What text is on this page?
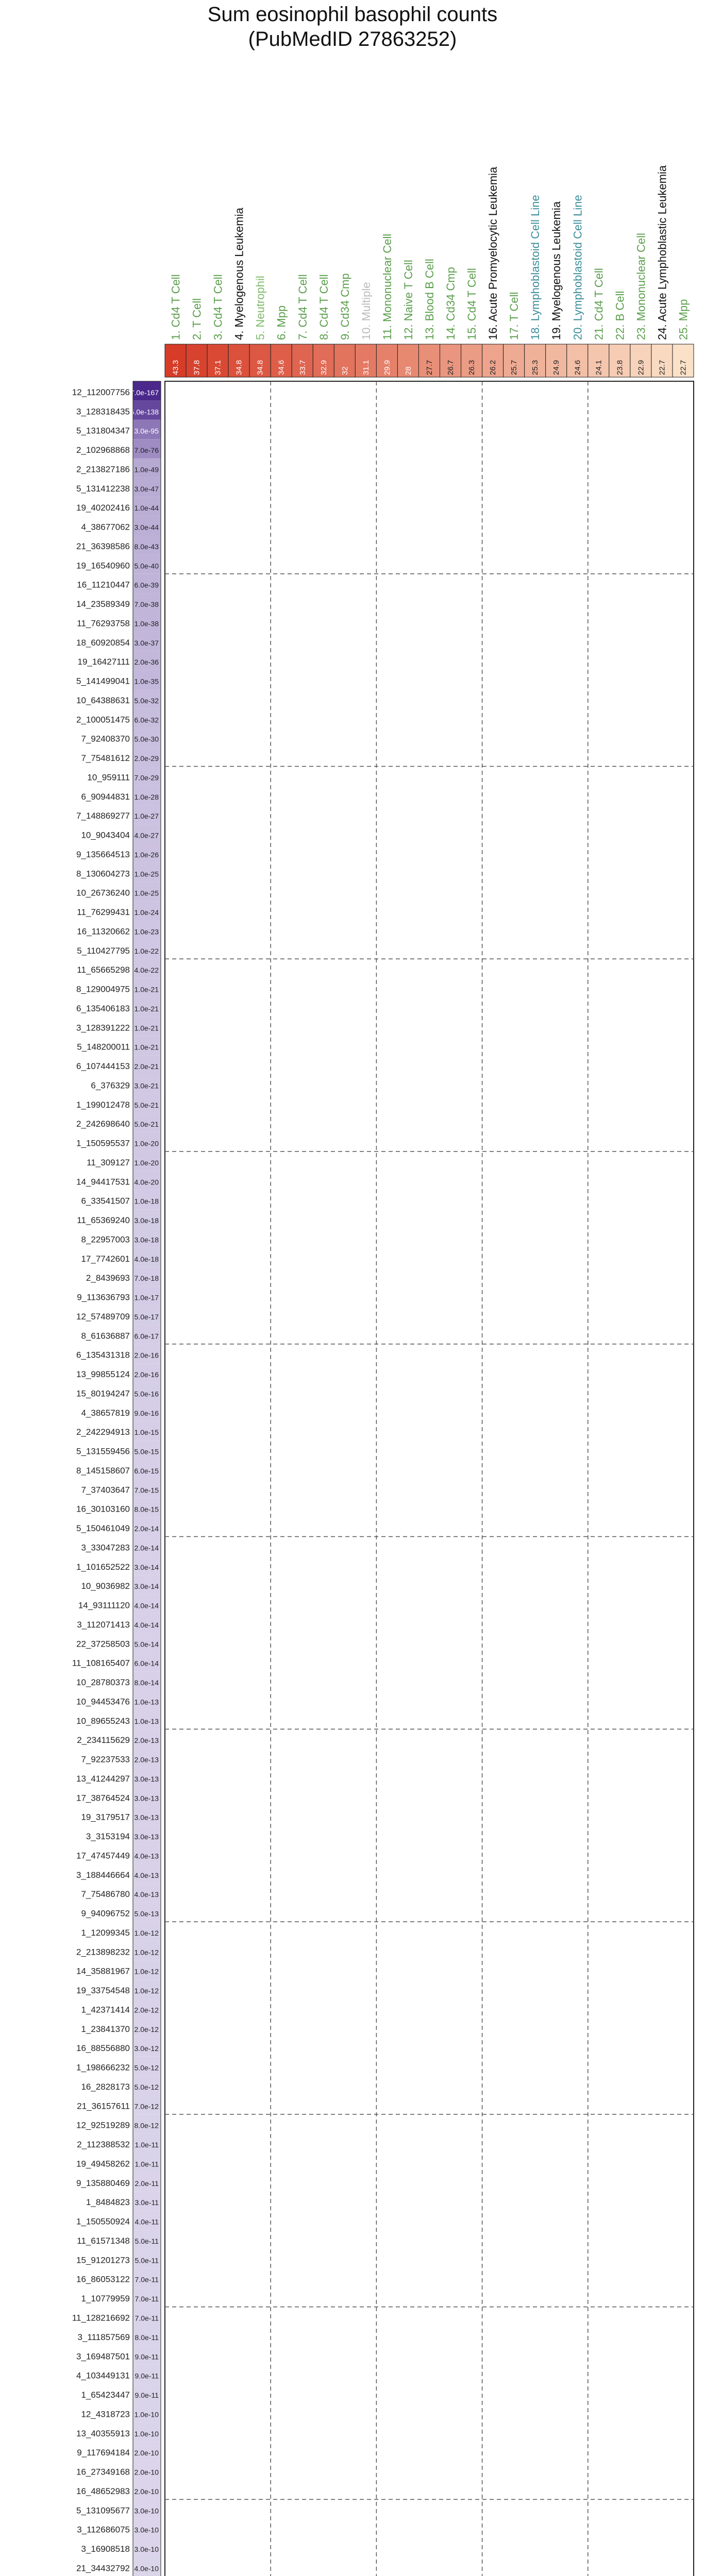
Sum eosinophil basophil counts
(PubMedID 27863252)
43.3
1. Cd4 T Cell
37.8
2. T Cell
37.1
3. Cd4 T Cell
34.8
4. Myelogenous Leukemia
34.8
5. Neutrophil
34.6
6. Mpp
33.7
7. Cd4 T Cell
32.9
8. Cd4 T Cell
32
9. Cd34 Cmp
31.1
10. Multiple
29.9
11. Mononuclear Cell
28
12. Naive T Cell
27.7
13. Blood B Cell
26.7
14. Cd34 Cmp
26.3
15. Cd4 T Cell
26.2
16. Acute Promyelocytic Leukemia
25.7
17. T Cell
25.3
18. Lymphoblastoid Cell Line
24.9
19. Myelogenous Leukemia
24.6
20. Lymphoblastoid Cell Line
24.1
21. Cd4 T Cell
23.8
22. B Cell
22.9
23. Mononuclear Cell
22.7
24. Acute Lymphoblastic Leukemia
22.7
25. Mpp
7.0e-167
12_112007756
5.0e-138
3_128318435
3.0e-95
5_131804347
7.0e-76
2_102968868
1.0e-49
2_213827186
3.0e-47
5_131412238
1.0e-44
19_40202416
3.0e-44
4_38677062
8.0e-43
21_36398586
5.0e-40
19_16540960
6.0e-39
16_11210447
7.0e-38
14_23589349
1.0e-38
11_76293758
3.0e-37
18_60920854
2.0e-36
19_16427111
1.0e-35
5_141499041
5.0e-32
10_64388631
6.0e-32
2_100051475
5.0e-30
7_92408370
2.0e-29
7_75481612
7.0e-29
10_959111
1.0e-28
6_90944831
1.0e-27
7_148869277
4.0e-27
10_9043404
1.0e-26
9_135664513
1.0e-25
8_130604273
1.0e-25
10_26736240
1.0e-24
11_76299431
1.0e-23
16_11320662
1.0e-22
5_110427795
4.0e-22
11_65665298
1.0e-21
8_129004975
1.0e-21
6_135406183
1.0e-21
3_128391222
1.0e-21
5_148200011
2.0e-21
6_107444153
3.0e-21
6_376329
5.0e-21
1_199012478
5.0e-21
2_242698640
1.0e-20
1_150595537
1.0e-20
11_309127
4.0e-20
14_94417531
1.0e-18
6_33541507
3.0e-18
11_65369240
3.0e-18
8_22957003
4.0e-18
17_7742601
7.0e-18
2_8439693
1.0e-17
9_113636793
5.0e-17
12_57489709
6.0e-17
8_61636887
2.0e-16
6_135431318
2.0e-16
13_99855124
5.0e-16
15_80194247
9.0e-16
4_38657819
1.0e-15
2_242294913
5.0e-15
5_131559456
6.0e-15
8_145158607
7.0e-15
7_37403647
8.0e-15
16_30103160
2.0e-14
5_150461049
2.0e-14
3_33047283
3.0e-14
1_101652522
3.0e-14
10_9036982
4.0e-14
14_93111120
4.0e-14
3_112071413
5.0e-14
22_37258503
6.0e-14
11_108165407
8.0e-14
10_28780373
1.0e-13
10_94453476
1.0e-13
10_89655243
2.0e-13
2_234115629
2.0e-13
7_92237533
3.0e-13
13_41244297
3.0e-13
17_38764524
3.0e-13
19_3179517
3.0e-13
3_3153194
4.0e-13
17_47457449
4.0e-13
3_188446664
4.0e-13
7_75486780
5.0e-13
9_94096752
1.0e-12
1_12099345
1.0e-12
2_213898232
1.0e-12
14_35881967
1.0e-12
19_33754548
2.0e-12
1_42371414
2.0e-12
1_23841370
3.0e-12
16_88556880
5.0e-12
1_198666232
5.0e-12
16_2828173
7.0e-12
21_36157611
8.0e-12
12_92519289
1.0e-11
2_112388532
1.0e-11
19_49458262
2.0e-11
9_135880469
3.0e-11
1_8484823
4.0e-11
1_150550924
5.0e-11
11_61571348
5.0e-11
15_91201273
7.0e-11
16_86053122
7.0e-11
1_10779959
7.0e-11
11_128216692
8.0e-11
3_111857569
9.0e-11
3_169487501
9.0e-11
4_103449131
9.0e-11
1_65423447
1.0e-10
12_4318723
1.0e-10
13_40355913
2.0e-10
9_117694184
2.0e-10
16_27349168
2.0e-10
16_48652983
3.0e-10
5_131095677
3.0e-10
3_112686075
3.0e-10
3_16908518
4.0e-10
21_34432792
